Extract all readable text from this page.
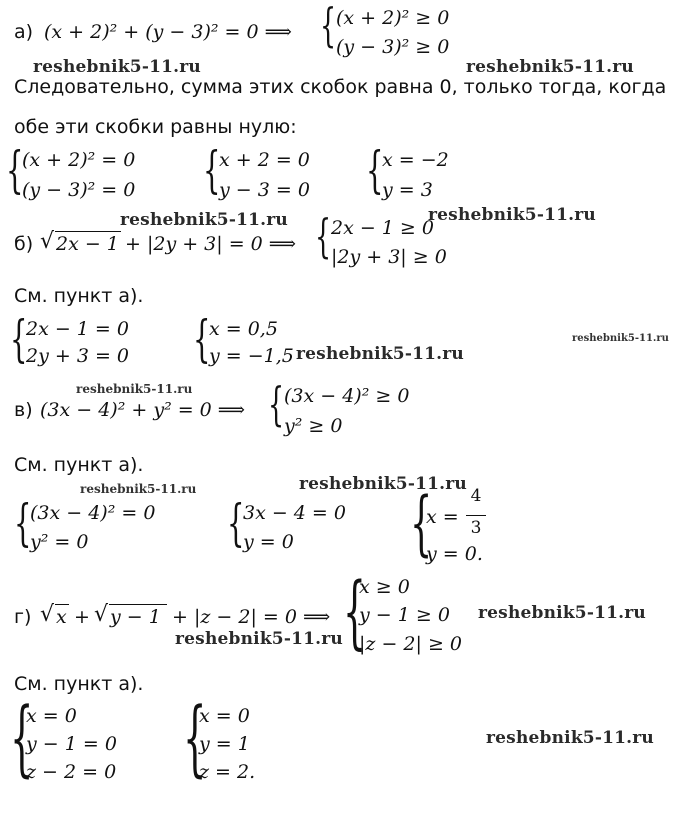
а) (x + 2)² + (y − 3)² = 0 ⟹ { (x + 2)² ≥ 0
(y − 3)² ≥ 0
reshebnik5-11.ru	reshebnik5-11.ru
Следовательно, сумма этих скобок равна 0, только тогда, когда
обе эти скобки равны нулю:
{
(x + 2)² = 0
(y − 3)² = 0 {
x + 2 = 0
y − 3 = 0 {
x = −2
y = 3
reshebnik5-11.ru	reshebnik5-11.ru
б) √ 2x − 1 + |2y + 3| = 0 ⟹ { 2x − 1 ≥ 0
|2y + 3| ≥ 0
См. пункт а).
{
2x − 1 = 0
2y + 3 = 0 {
x = 0,5
y = −1,5 reshebnik5-11.ru
reshebnik5-11.ru
reshebnik5-11.ru
в) (3x − 4)² + y² = 0 ⟹ { (3x − 4)² ≥ 0
y² ≥ 0
См. пункт а).
reshebnik5-11.ru
reshebnik5-11.ru
{
(3x − 4)² = 0
y² = 0	{
3x − 4 = 0
y = 0 {
x =
4
3
y = 0.
{
x ≥ 0
y − 1 ≥ 0
|z − 2| ≥ 0
г) √ x + √ y − 1 + |z − 2| = 0 ⟹	reshebnik5-11.ru
reshebnik5-11.ru
См. пункт а).
{
x = 0
y − 1 = 0
z − 2 = 0 {
x = 0
y = 1
z = 2.
reshebnik5-11.ru
